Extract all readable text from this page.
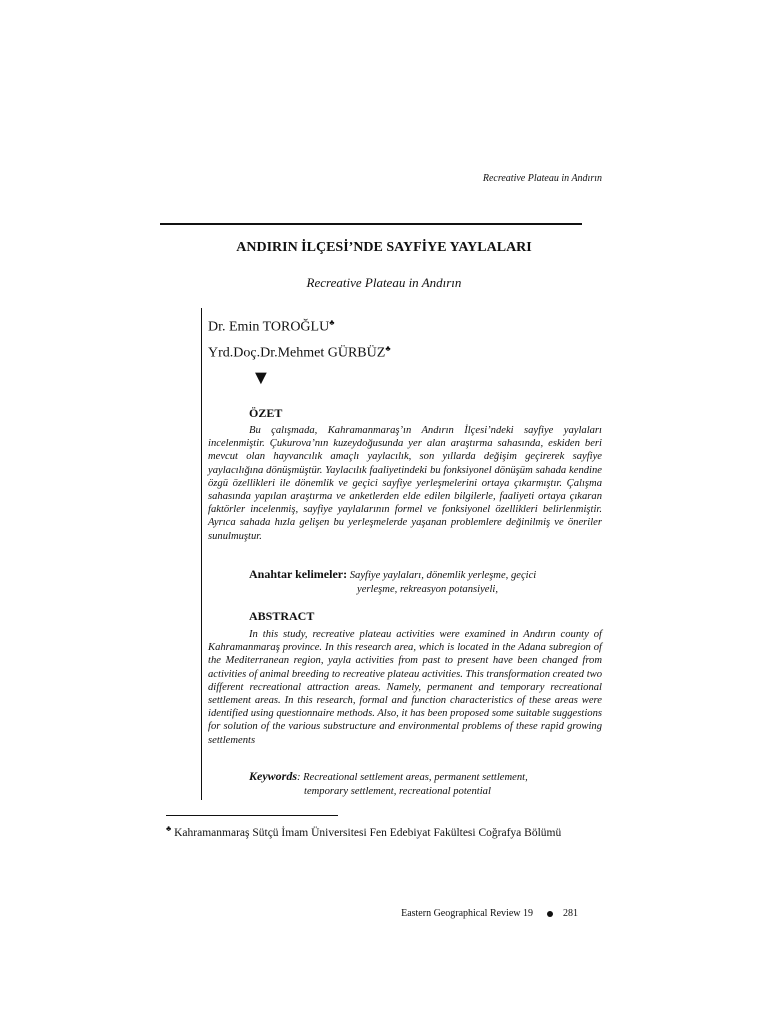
Recreative Plateau in Andırın
ANDIRIN İLÇESİ’NDE SAYFİYE YAYLALARI
Recreative Plateau in Andırın
Dr. Emin TOROĞLU♣
Yrd.Doç.Dr.Mehmet GÜRBÜZ♣
▼
ÖZET
Bu çalışmada, Kahramanmaraş’ın Andırın İlçesi’ndeki sayfiye yaylaları incelenmiştir. Çukurova’nın kuzeydoğusunda yer alan araştırma sahasında, eskiden beri mevcut olan hayvancılık amaçlı yaylacılık, son yıllarda değişim geçirerek sayfiye yaylacılığına dönüşmüştür. Yaylacılık faaliyetindeki bu fonksiyonel dönüşüm sahada kendine özgü özellikleri ile dönemlik ve geçici sayfiye yerleşmelerini ortaya çıkarmıştır. Çalışma sahasında yapılan araştırma ve anketlerden elde edilen bilgilerle, faaliyeti ortaya çıkaran faktörler incelenmiş, sayfiye yaylalarının formel ve fonksiyonel özellikleri belirlenmiştir. Ayrıca sahada hızla gelişen bu yerleşmelerde yaşanan problemlere değinilmiş ve öneriler sunulmuştur.
Anahtar kelimeler: Sayfiye yaylaları, dönemlik yerleşme, geçici
yerleşme, rekreasyon potansiyeli,
ABSTRACT
In this study, recreative plateau activities were examined in Andırın county of Kahramanmaraş province. In this research area, which is located in the Adana subregion of the Mediterranean region, yayla activities from past to present have been changed from activities of animal breeding to recreative plateau activities. This transformation created two different recreational attraction areas. Namely, permanent and temporary recreational settlement areas. In this research, formal and function characteristics of these areas were identified using questionnaire methods. Also, it has been proposed some suitable suggestions for solution of the various substructure and environmental problems of these rapid growing settlements
Keywords: Recreational settlement areas, permanent settlement,
temporary settlement, recreational potential
♣ Kahramanmaraş Sütçü İmam Üniversitesi Fen Edebiyat Fakültesi Coğrafya Bölümü
Eastern Geographical Review 19	281
